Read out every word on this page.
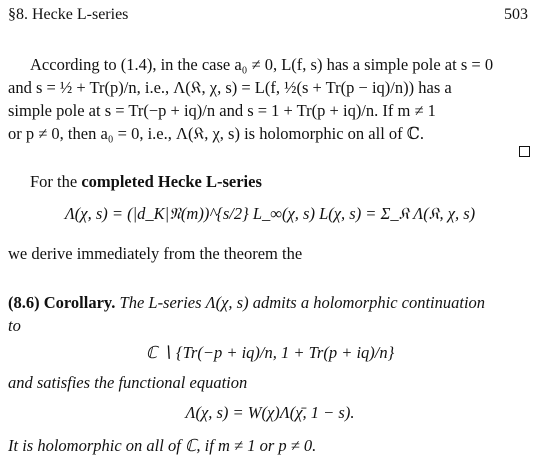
§8. Hecke L-series	503
According to (1.4), in the case a₀ ≠ 0, L(f, s) has a simple pole at s = 0
and s = ½ + Tr(p)/n, i.e., Λ(𝔎, χ, s) = L(f, ½(s + Tr(p − iq)/n)) has a
simple pole at s = Tr(−p + iq)/n and s = 1 + Tr(p + iq)/n. If m ≠ 1
or p ≠ 0, then a₀ = 0, i.e., Λ(𝔎, χ, s) is holomorphic on all of ℂ.
For the completed Hecke L-series
Λ(χ, s) = (|d_K|𝔑(m))^{s/2} L_∞(χ, s) L(χ, s) = Σ_𝔎 Λ(𝔎, χ, s)
we derive immediately from the theorem the
(8.6) Corollary. The L-series Λ(χ, s) admits a holomorphic continuation
to
ℂ ∖ {Tr(−p + iq)/n, 1 + Tr(p + iq)/n}
and satisfies the functional equation
Λ(χ, s) = W(χ)Λ(χ̄, 1 − s).
It is holomorphic on all of ℂ, if m ≠ 1 or p ≠ 0.
